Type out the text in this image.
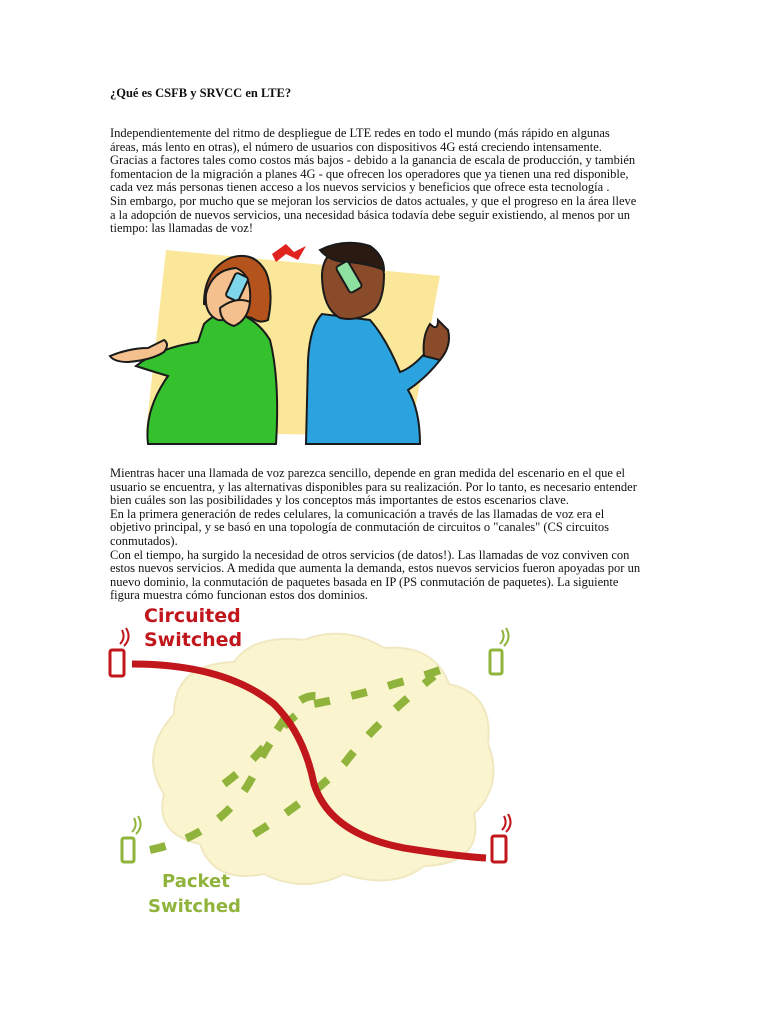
¿Qué es CSFB y SRVCC en LTE?
Independientemente del ritmo de despliegue de LTE redes en todo el mundo (más rápido en algunas
áreas, más lento en otras), el número de usuarios con dispositivos 4G está creciendo intensamente.
Gracias a factores tales como costos más bajos - debido a la ganancia de escala de producción, y también
fomentacion de la migración a planes 4G - que ofrecen los operadores que ya tienen una red disponible,
cada vez más personas tienen acceso a los nuevos servicios y beneficios que ofrece esta tecnología .
Sin embargo, por mucho que se mejoran los servicios de datos actuales, y que el progreso en la área lleve
a la adopción de nuevos servicios, una necesidad básica todavía debe seguir existiendo, al menos por un
tiempo: las llamadas de voz!
Mientras hacer una llamada de voz parezca sencillo, depende en gran medida del escenario en el que el
usuario se encuentra, y las alternativas disponibles para su realización. Por lo tanto, es necesario entender
bien cuáles son las posibilidades y los conceptos más importantes de estos escenarios clave.
En la primera generación de redes celulares, la comunicación a través de las llamadas de voz era el
objetivo principal, y se basó en una topología de conmutación de circuitos o "canales" (CS circuitos
conmutados).
Con el tiempo, ha surgido la necesidad de otros servicios (de datos!). Las llamadas de voz conviven con
estos nuevos servicios. A medida que aumenta la demanda, estos nuevos servicios fueron apoyadas por un
nuevo dominio, la conmutación de paquetes basada en IP (PS conmutación de paquetes). La siguiente
figura muestra cómo funcionan estos dos dominios.
Circuited
Switched
Packet
Switched
